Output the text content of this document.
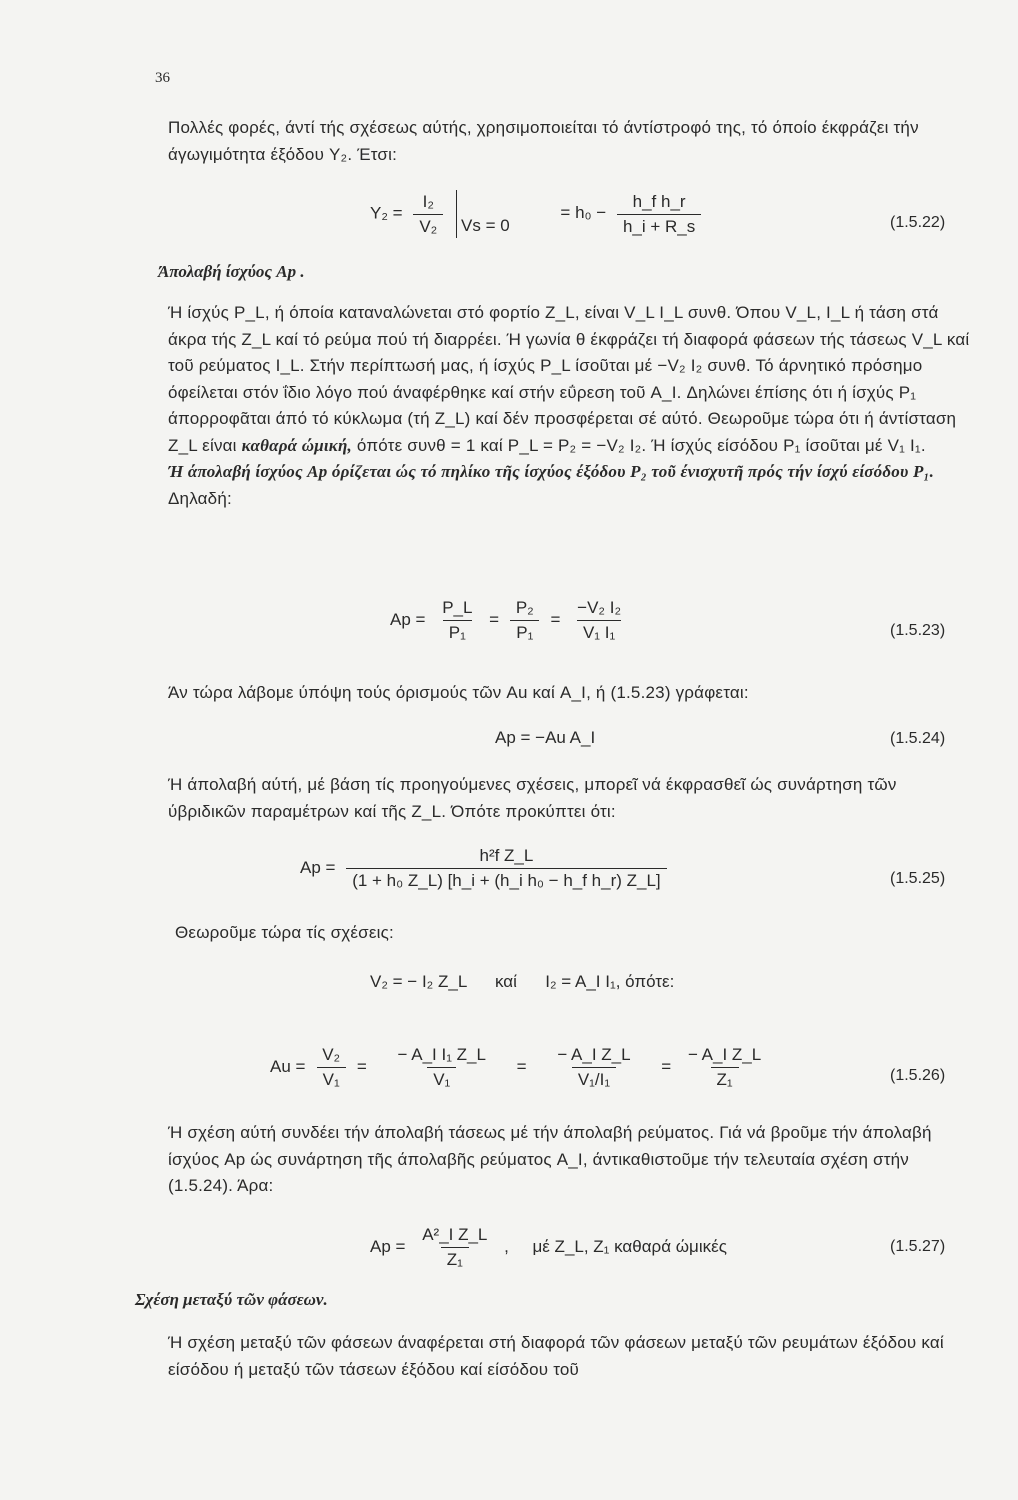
36
Πολλές φορές, άντί τής σχέσεως αύτής, χρησιμοποιείται τό άντίστροφό της, τό όποίο έκφράζει τήν άγωγιμότητα έξόδου Y₂. Έτσι:
$Y_2 = \frac{\text{I₂}}{\text{V₂}}$ $Vs = 0 = h_0 - \frac{\text{h\_f h\_r}}{h\_i + R\_s}$	(1.5.22)
Άπολαβή ίσχύος Ap .
Ή ίσχύς P_L, ή όποία καταναλώνεται στό φορτίο Z_L, είναι V_L I_L συνθ. Όπου V_L, I_L ή τάση στά άκρα τής Z_L καί τό ρεύμα πού τή διαρρέει. Ή γωνία θ έκφράζει τή διαφορά φάσεων τής τάσεως V_L καί τοῦ ρεύματος I_L. Στήν περίπτωσή μας, ή ίσχύς P_L ίσοῦται μέ −V₂ I₂ συνθ. Τό άρνητικό πρόσημο όφείλεται στόν ΐδιο λόγο πού άναφέρθηκε καί στήν εΰρεση τοῦ A_I. Δηλώνει έπίσης ότι ή ίσχύς P₁ άπορροφᾶται άπό τό κύκλωμα (τή Z_L) καί δέν προσφέρεται σέ αύτό. Θεωροῦμε τώρα ότι ή άντίσταση Z_L είναι καθαρά ώμική, όπότε συνθ = 1 καί P_L = P₂ = −V₂ I₂. Ή ίσχύς είσόδου P₁ ίσοῦται μέ V₁ I₁.
Ή άπολαβή ίσχύος Ap όρίζεται ώς τό πηλίκο τῆς ίσχύος έξόδου P₂ τοῦ ένισχυτῆ πρός τήν ίσχύ είσόδου P₁. Δηλαδή:
$Ap = \frac{P\_L}{\text{P₁}} = \frac{\text{P₂}}{\text{P₁}} = \frac{\text{−V₂ I₂}}{\text{V₁ I₁}}$	(1.5.23)
Άν τώρα λάβομε ύπόψη τούς όρισμούς τῶν Au καί A_I, ή (1.5.23) γράφεται:
Ap = −Au A_I	(1.5.24)
Ή άπολαβή αύτή, μέ βάση τίς προηγούμενες σχέσεις, μπορεῖ νά έκφρασθεῖ ώς συνάρτηση τῶν ύβριδικῶν παραμέτρων καί τῆς Z_L. Όπότε προκύπτει ότι:
$Ap = \frac{\text{h²f Z\_L}}{\text{(1 + h₀ Z\_L) [h\_i + (h\_i h₀ − h\_f h\_r) Z\_L]}}$	(1.5.25)
Θεωροῦμε τώρα τίς σχέσεις:
V₂ = − I₂ Z_L      καί      I₂ = A_I I₁, όπότε:
$Au = \frac{\text{V₂}}{\text{V₁}} = \frac{\text{− A\_I I₁ Z\_L}}{\text{V₁}} = \frac{\text{− A\_I Z\_L}}{\text{V₁/I₁}} = \frac{\text{− A\_I Z\_L}}{\text{Z₁}}$	(1.5.26)
Ή σχέση αύτή συνδέει τήν άπολαβή τάσεως μέ τήν άπολαβή ρεύματος. Γιά νά βροῦμε τήν άπολαβή ίσχύος Ap ώς συνάρτηση τῆς άπολαβῆς ρεύματος A_I, άντικαθιστοῦμε τήν τελευταία σχέση στήν (1.5.24). Άρα:
$Ap = \frac{\text{A²\_I Z\_L}}{\text{Z₁}}$ ,     μέ Z_L, Z₁ καθαρά ώμικές	(1.5.27)
Σχέση μεταξύ τῶν φάσεων.
Ή σχέση μεταξύ τῶν φάσεων άναφέρεται στή διαφορά τῶν φάσεων μεταξύ τῶν ρευμάτων έξόδου καί είσόδου ή μεταξύ τῶν τάσεων έξόδου καί είσόδου τοῦ
